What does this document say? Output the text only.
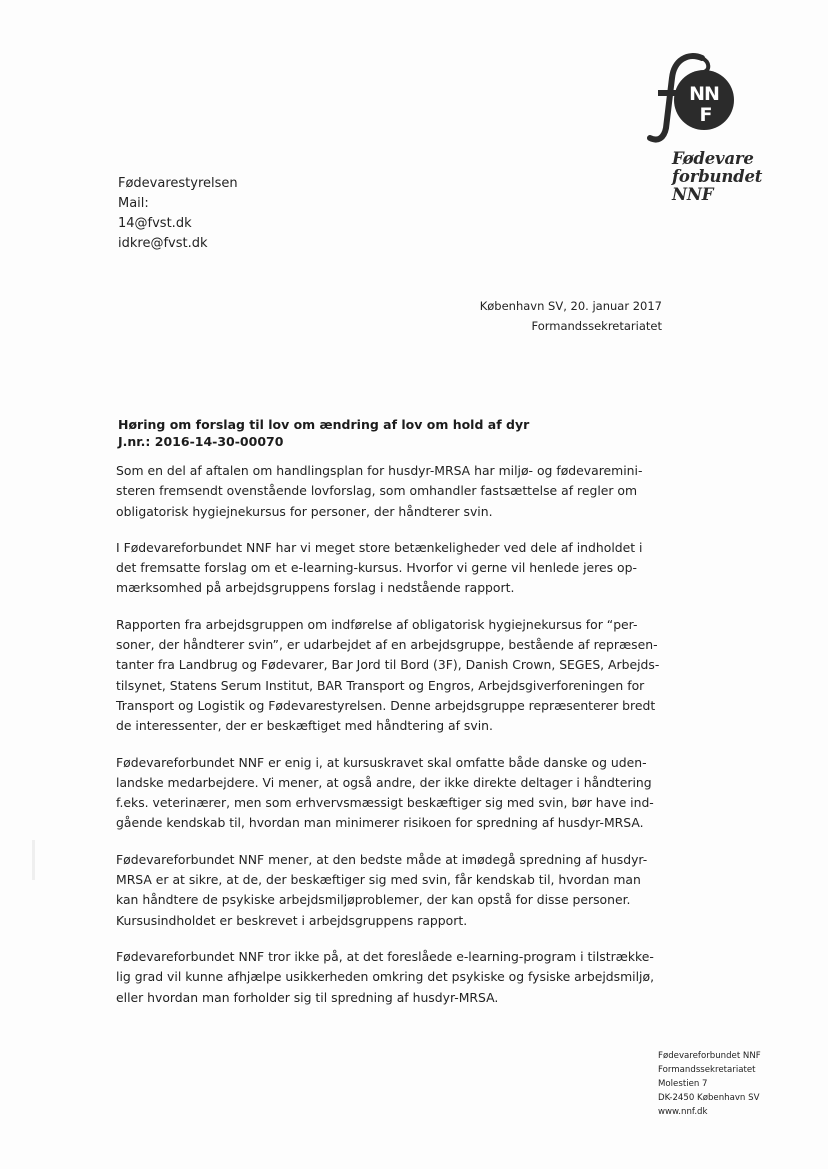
NN
F
Fødevare
forbundet
NNF
Fødevarestyrelsen
Mail:
14@fvst.dk
idkre@fvst.dk
København SV, 20. januar 2017
Formandssekretariatet
Høring om forslag til lov om ændring af lov om hold af dyr
J.nr.: 2016-14-30-00070
Som en del af aftalen om handlingsplan for husdyr-MRSA har miljø- og fødevaremini-
steren fremsendt ovenstående lovforslag, som omhandler fastsættelse af regler om
obligatorisk hygiejnekursus for personer, der håndterer svin.
I Fødevareforbundet NNF har vi meget store betænkeligheder ved dele af indholdet i
det fremsatte forslag om et e-learning-kursus. Hvorfor vi gerne vil henlede jeres op-
mærksomhed på arbejdsgruppens forslag i nedstående rapport.
Rapporten fra arbejdsgruppen om indførelse af obligatorisk hygiejnekursus for “per-
soner, der håndterer svin”, er udarbejdet af en arbejdsgruppe, bestående af repræsen-
tanter fra Landbrug og Fødevarer, Bar Jord til Bord (3F), Danish Crown, SEGES, Arbejds-
tilsynet, Statens Serum Institut, BAR Transport og Engros, Arbejdsgiverforeningen for
Transport og Logistik og Fødevarestyrelsen. Denne arbejdsgruppe repræsenterer bredt
de interessenter, der er beskæftiget med håndtering af svin.
Fødevareforbundet NNF er enig i, at kursuskravet skal omfatte både danske og uden-
landske medarbejdere. Vi mener, at også andre, der ikke direkte deltager i håndtering
f.eks. veterinærer, men som erhvervsmæssigt beskæftiger sig med svin, bør have ind-
gående kendskab til, hvordan man minimerer risikoen for spredning af husdyr-MRSA.
Fødevareforbundet NNF mener, at den bedste måde at imødegå spredning af husdyr-
MRSA er at sikre, at de, der beskæftiger sig med svin, får kendskab til, hvordan man
kan håndtere de psykiske arbejdsmiljøproblemer, der kan opstå for disse personer.
Kursusindholdet er beskrevet i arbejdsgruppens rapport.
Fødevareforbundet NNF tror ikke på, at det foreslåede e-learning-program i tilstrække-
lig grad vil kunne afhjælpe usikkerheden omkring det psykiske og fysiske arbejdsmiljø,
eller hvordan man forholder sig til spredning af husdyr-MRSA.
Fødevareforbundet NNF
Formandssekretariatet
Molestien 7
DK-2450 København SV
www.nnf.dk
